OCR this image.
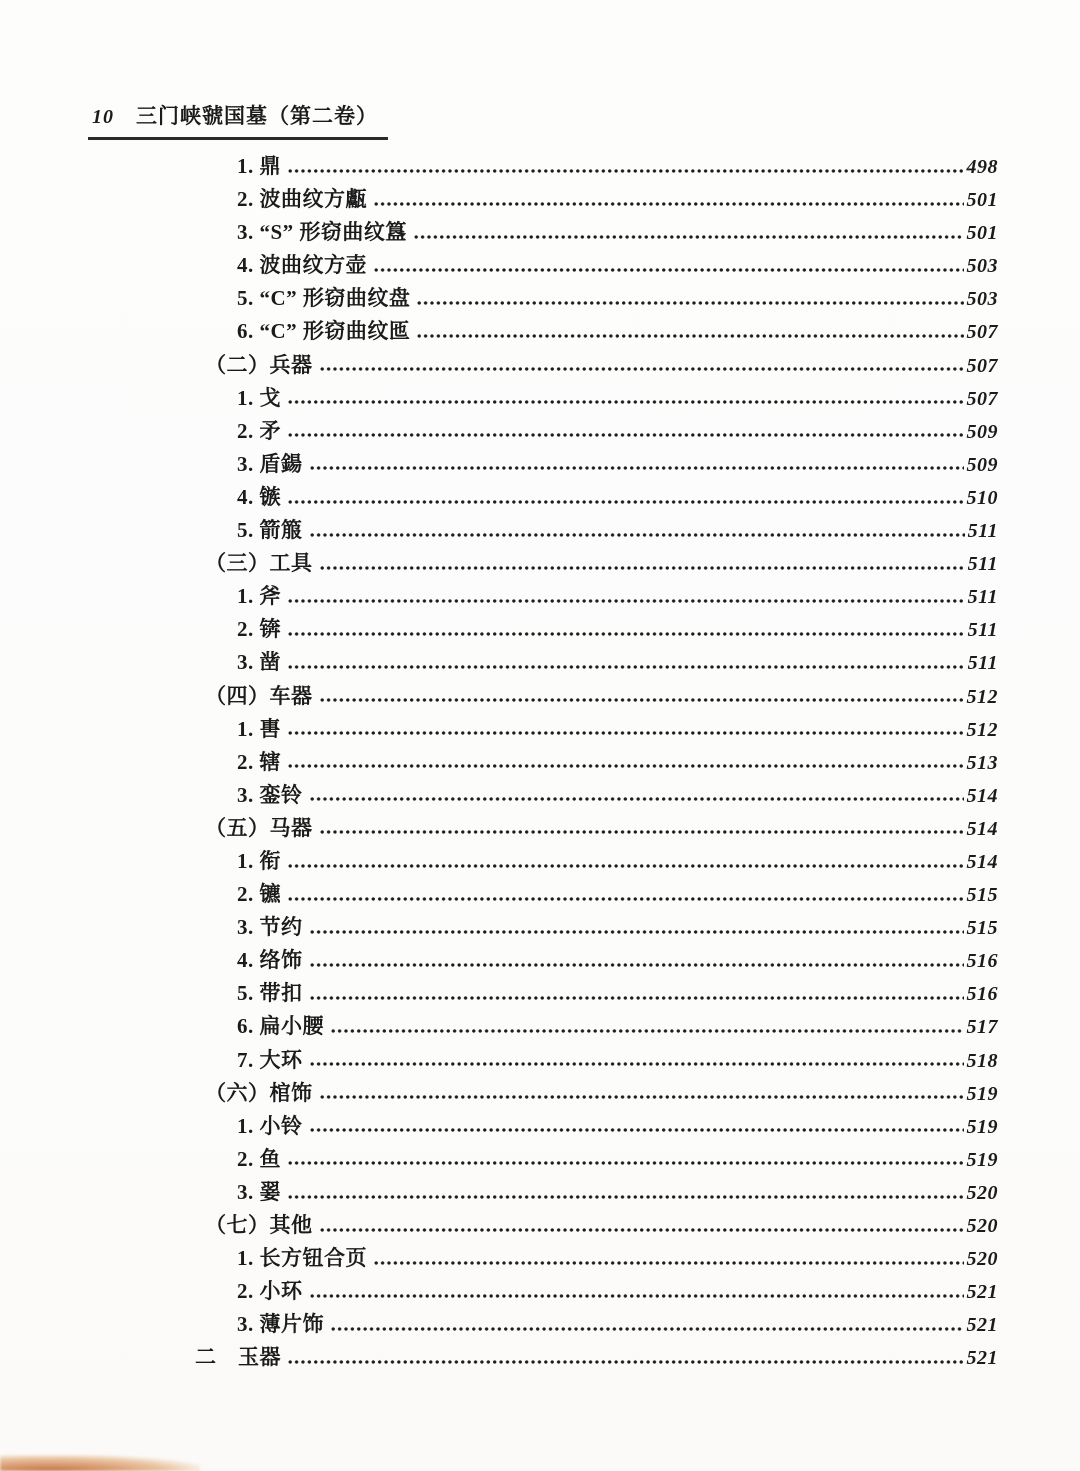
10 三门峡虢国墓（第二卷）
1. 鼎	498
2. 波曲纹方甗	501
3. “S” 形窃曲纹簋	501
4. 波曲纹方壶	503
5. “C” 形窃曲纹盘	503
6. “C” 形窃曲纹匜	507
（二）兵器	507
1. 戈	507
2. 矛	509
3. 盾鍚	509
4. 镞	510
5. 箭箙	511
（三）工具	511
1. 斧	511
2. 锛	511
3. 凿	511
（四）车器	512
1. 軎	512
2. 辖	513
3. 銮铃	514
（五）马器	514
1. 衔	514
2. 镳	515
3. 节约	515
4. 络饰	516
5. 带扣	516
6. 扁小腰	517
7. 大环	518
（六）棺饰	519
1. 小铃	519
2. 鱼	519
3. 翣	520
（七）其他	520
1. 长方钮合页	520
2. 小环	521
3. 薄片饰	521
二　玉器	521
